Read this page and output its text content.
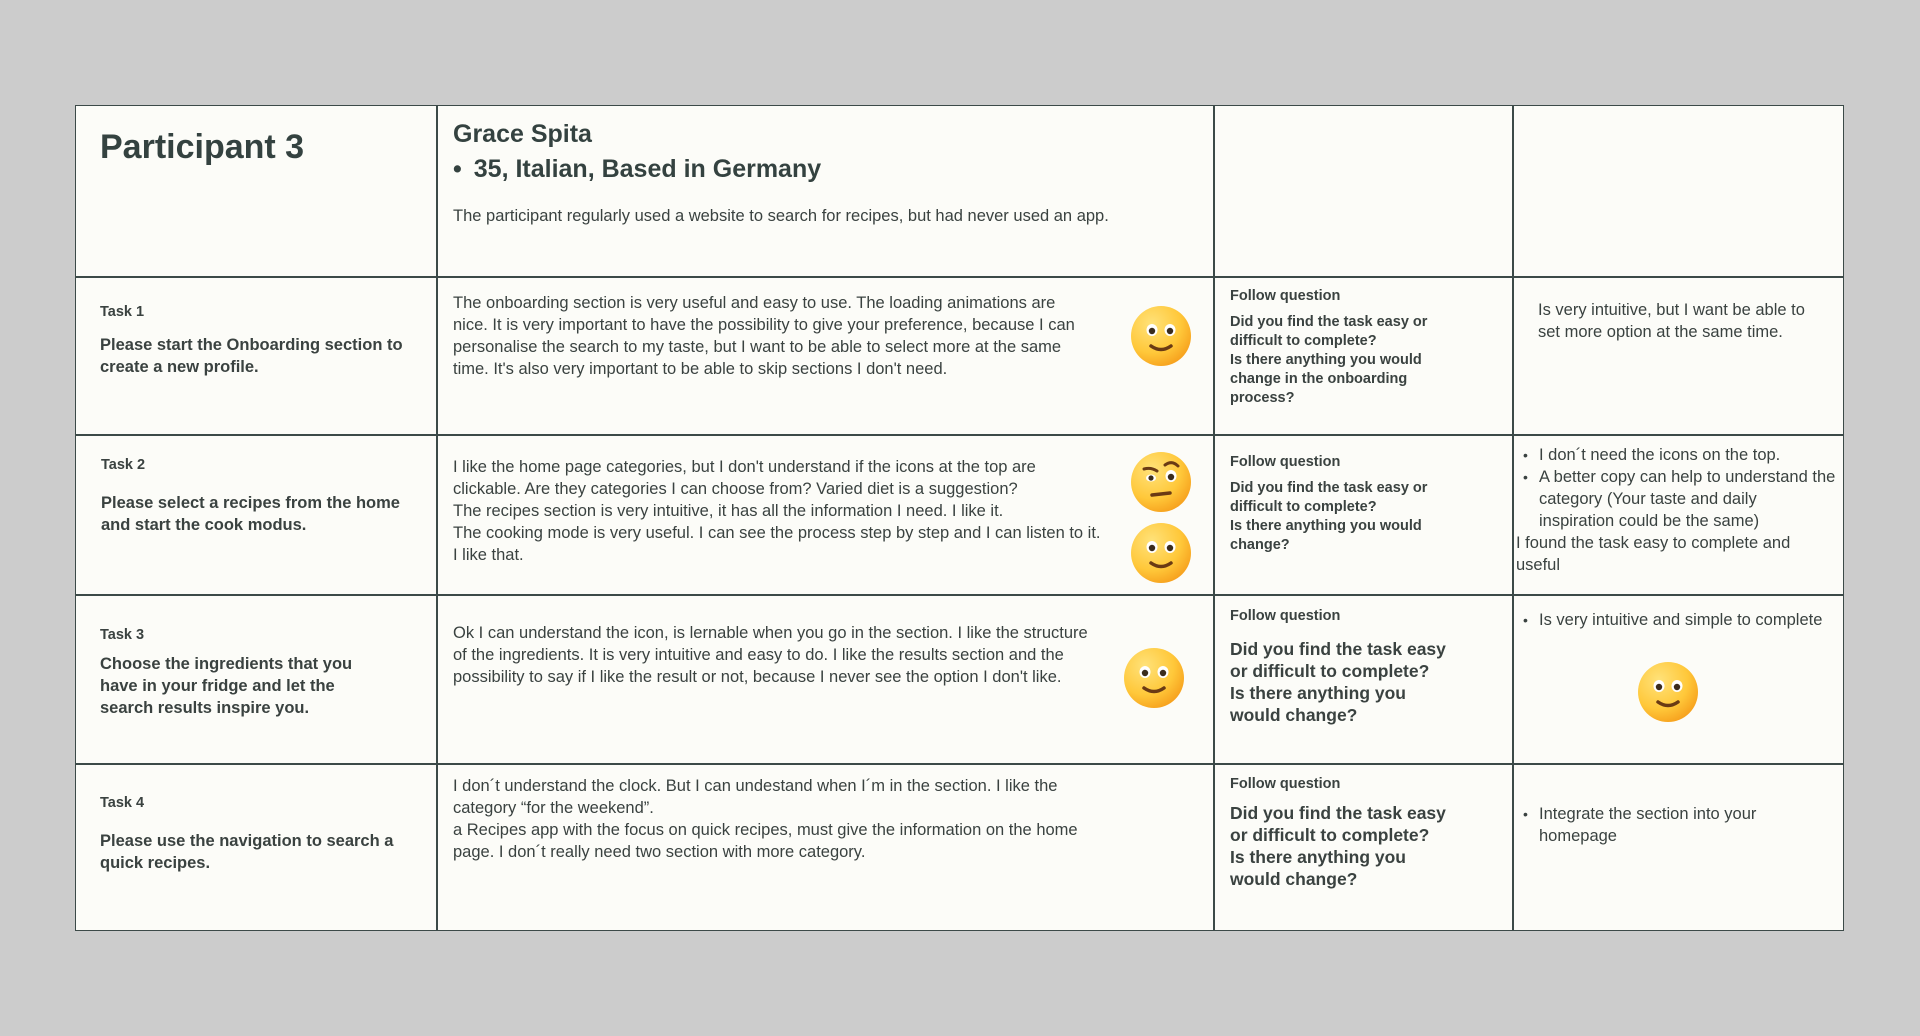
Participant 3	Grace Spita
• 35, Italian, Based in Germany
The participant regularly used a website to search for recipes, but had never used an app.
Task 1
Please start the Onboarding section to create a new profile.
The onboarding section is very useful and easy to use. The loading animations are nice. It is very important to have the possibility to give your preference, because I can personalise the search to my taste, but I want to be able to select more at the same time. It's also very important to be able to skip sections I don't need.
Follow question
Did you find the task easy or difficult to complete?
Is there anything you would change in the onboarding process?
Is very intuitive, but I want be able to set more option at the same time.
Task 2
Please select a recipes from the home and start the cook modus.
I like the home page categories, but I don't understand if the icons at the top are clickable. Are they categories I can choose from? Varied diet is a suggestion?
The recipes section is very intuitive, it has all the information I need. I like it.
The cooking mode is very useful. I can see the process step by step and I can listen to it. I like that.
Follow question
Did you find the task easy or difficult to complete?
Is there anything you would change?
• I don´t need the icons on the top.
• A better copy can help to understand the category (Your taste and daily inspiration could be the same)
I found the task easy to complete and useful
Task 3
Choose the ingredients that you have in your fridge and let the search results inspire you.
Ok I can understand the icon, is lernable when you go in the section. I like the structure of the ingredients. It is very intuitive and easy to do. I like the results section and the possibility to say if I like the result or not, because I never see the option I don't like.
Follow question
Did you find the task easy or difficult to complete?
Is there anything you would change?
• Is very intuitive and simple to complete
Task 4
Please use the navigation to search a quick recipes.
I don´t understand the clock. But I can undestand when I´m in the section. I like the category “for the weekend”.
a Recipes app with the focus on quick recipes, must give the information on the home page. I don´t really need two section with more category.
Follow question
Did you find the task easy or difficult to complete?
Is there anything you would change?
• Integrate the section into your homepage
